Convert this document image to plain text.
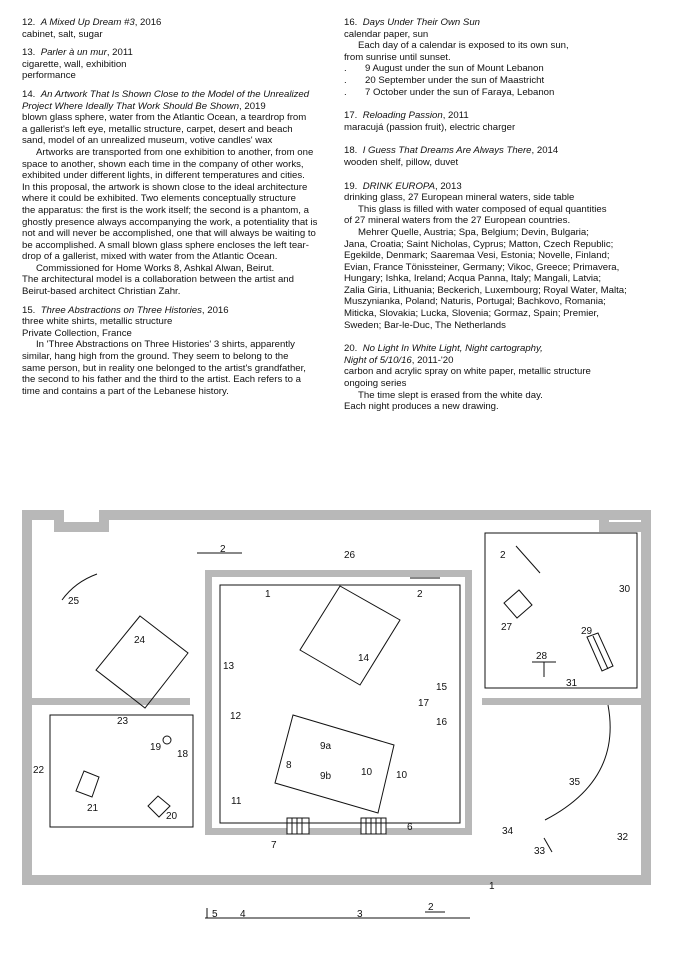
12. A Mixed Up Dream #3, 2016
cabinet, salt, sugar
13. Parler à un mur, 2011
cigarette, wall, exhibition
performance
14. An Artwork That Is Shown Close to the Model of the Unrealized
Project Where Ideally That Work Should Be Shown, 2019
blown glass sphere, water from the Atlantic Ocean, a teardrop from
a gallerist's left eye, metallic structure, carpet, desert and beach
sand, model of an unrealized museum, votive candles' wax
Artworks are transported from one exhibition to another, from one
space to another, shown each time in the company of other works,
exhibited under different lights, in different temperatures and cities.
In this proposal, the artwork is shown close to the ideal architecture
where it could be exhibited. Two elements conceptually structure
the apparatus: the first is the work itself; the second is a phantom, a
ghostly presence always accompanying the work, a potentiality that is
not and will never be accomplished, one that will always be waiting to
be accomplished. A small blown glass sphere encloses the left tear-
drop of a gallerist, mixed with water from the Atlantic Ocean.
Commissioned for Home Works 8, Ashkal Alwan, Beirut.
The architectural model is a collaboration between the artist and
Beirut-based architect Christian Zahr.
15. Three Abstractions on Three Histories, 2016
three white shirts, metallic structure
Private Collection, France
In 'Three Abstractions on Three Histories' 3 shirts, apparently
similar, hang high from the ground. They seem to belong to the
same person, but in reality one belonged to the artist's grandfather,
the second to his father and the third to the artist. Each refers to a
time and contains a part of the Lebanese history.
16. Days Under Their Own Sun
calendar paper, sun
Each day of a calendar is exposed to its own sun,
from sunrise until sunset.
. 9 August under the sun of Mount Lebanon
. 20 September under the sun of Maastricht
. 7 October under the sun of Faraya, Lebanon
17. Reloading Passion, 2011
maracujá (passion fruit), electric charger
18. I Guess That Dreams Are Always There, 2014
wooden shelf, pillow, duvet
19. DRINK EUROPA, 2013
drinking glass, 27 European mineral waters, side table
This glass is filled with water composed of equal quantities
of 27 mineral waters from the 27 European countries.
Mehrer Quelle, Austria; Spa, Belgium; Devin, Bulgaria;
Jana, Croatia; Saint Nicholas, Cyprus; Matton, Czech Republic;
Egekilde, Denmark; Saaremaa Vesi, Estonia; Novelle, Finland;
Evian, France Tönissteiner, Germany; Vikoc, Greece; Primavera,
Hungary; Ishka, Ireland; Acqua Panna, Italy; Mangali, Latvia;
Zalia Giria, Lithuania; Beckerich, Luxembourg; Royal Water, Malta;
Muszynianka, Poland; Naturis, Portugal; Bachkovo, Romania;
Miticka, Slovakia; Lucka, Slovenia; Gormaz, Spain; Premier,
Sweden; Bar-le-Duc, The Netherlands
20. No Light In White Light, Night cartography,
Night of 5/10/16, 2011-'20
carbon and acrylic spray on white paper, metallic structure
ongoing series
The time slept is erased from the white day.
Each night produces a new drawing.
2
26	2
25
1	2	30
24
27	29
14	28
13
31
15
17
12
16
23
19
18
9a
8
9b	10 10
22
35
11
21
20
6	34
32
7
33
1
5 4	3
2
